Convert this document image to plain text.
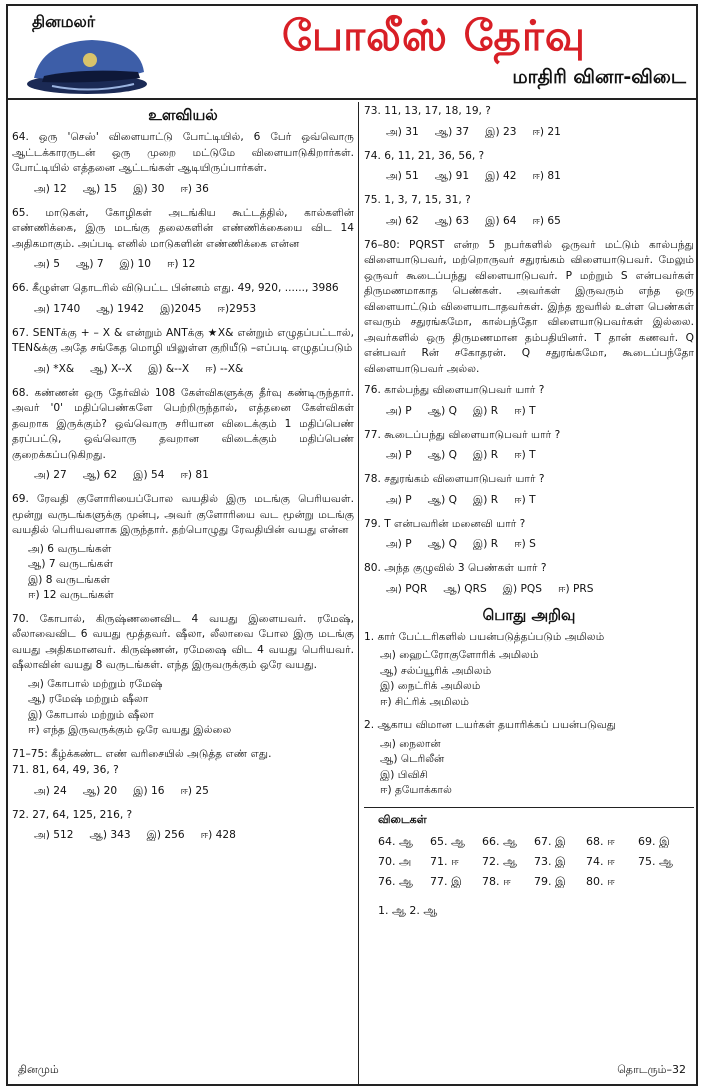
தினமலர்	போலீஸ் தேர்வு
மாதிரி வினா-விடை
உளவியல்
64. ஒரு 'செஸ்' விளையாட்டு போட்டியில், 6 பேர் ஒவ்வொரு ஆட்டக்காரருடன் ஒரு முறை மட்டுமே விளையாடுகிறார்கள். போட்டியில் எத்தனை ஆட்டங்கள் ஆடியிருப்பார்கள்.
அ) 12 ஆ) 15 இ) 30 ஈ) 36
65. மாடுகள், கோழிகள் அடங்கிய கூட்டத்தில், கால்களின் எண்ணிக்கை, இரு மடங்கு தலைகளின் எண்ணிக்கையை விட 14 அதிகமாகும். அப்படி எனில் மாடுகளின் எண்ணிக்கை என்ன
அ) 5 ஆ) 7 இ) 10 ஈ) 12
66. கீழுள்ள தொடரில் விடுபட்ட பின்னம் எது. 49, 920, ......, 3986
அ) 1740 ஆ) 1942 இ)2045 ஈ)2953
67. SENTக்கு + – X & என்றும் ANTக்கு ★X& என்றும் எழுதப்பட்டால், TEN&க்கு அதே சங்கேத மொழி யிலுள்ள குறியீடு –எப்படி எழுதப்படும்
அ) *X& ஆ) X--X இ) &--X ஈ) --X&
68. கண்ணன் ஒரு தேர்வில் 108 கேள்விகளுக்கு தீர்வு கண்டிருந்தார். அவர் '0' மதிப்பெண்களே பெற்றிருந்தால், எத்தனை கேள்விகள் தவறாக இருக்கும்? ஒவ்வொரு சரியான விடைக்கும் 1 மதிப்பெண் தரப்பட்டு, ஒவ்வொரு தவறான விடைக்கும் மதிப்பெண் குறைக்கப்படுகிறது.
அ) 27 ஆ) 62 இ) 54 ஈ) 81
69. ரேவதி குளோரியைப்போல வயதில் இரு மடங்கு பெரியவள். மூன்று வருடங்களுக்கு முன்பு, அவர் குளோரியை வட மூன்று மடங்கு வயதில் பெரியவளாக இருந்தார். தற்பொழுது ரேவதியின் வயது என்ன
அ) 6 வருடங்கள்
ஆ) 7 வருடங்கள்
இ) 8 வருடங்கள்
ஈ) 12 வருடங்கள்
70. கோபால், கிருஷ்ணனைவிட 4 வயது இளையவர். ரமேஷ், லீலாவைவிட 6 வயது மூத்தவர். ஷீலா, லீலாவை போல இரு மடங்கு வயது அதிகமானவர். கிருஷ்ணன், ரமேஷை விட 4 வயது பெரியவர். ஷீலாவின் வயது 8 வருடங்கள். எந்த இருவருக்கும் ஒரே வயது.
அ) கோபால் மற்றும் ரமேஷ்
ஆ) ரமேஷ் மற்றும் ஷீலா
இ) கோபால் மற்றும் ஷீலா
ஈ) எந்த இருவருக்கும் ஒரே வயது இல்லை
71–75: கீழ்க்கண்ட எண் வரிசையில் அடுத்த எண் எது.
71. 81, 64, 49, 36, ?
அ) 24 ஆ) 20 இ) 16 ஈ) 25
72. 27, 64, 125, 216, ?
அ) 512 ஆ) 343 இ) 256 ஈ) 428
73. 11, 13, 17, 18, 19, ?
அ) 31 ஆ) 37 இ) 23 ஈ) 21
74. 6, 11, 21, 36, 56, ?
அ) 51 ஆ) 91 இ) 42 ஈ) 81
75. 1, 3, 7, 15, 31, ?
அ) 62 ஆ) 63 இ) 64 ஈ) 65
76–80: PQRST என்ற 5 நபர்களில் ஒருவர் மட்டும் கால்பந்து விளையாடுபவர், மற்றொருவர் சதுரங்கம் விளையாடுபவர். மேலும் ஒருவர் கூடைப்பந்து விளையாடுபவர். P மற்றும் S என்பவர்கள் திருமணமாகாத பெண்கள். அவர்கள் இருவரும் எந்த ஒரு விளையாட்டும் விளையாடாதவர்கள். இந்த ஐவரில் உள்ள பெண்கள் எவரும் சதுரங்கமோ, கால்பந்தோ விளையாடுபவர்கள் இல்லை. அவர்களில் ஒரு திருமணமான தம்பதியினர். T தான் கணவர். Q என்பவர் Rன் சகோதரன். Q சதுரங்கமோ, கூடைப்பந்தோ விளையாடுபவர் அல்ல.
76. கால்பந்து விளையாடுபவர் யார் ?
அ) P ஆ) Q இ) R ஈ) T
77. கூடைப்பந்து விளையாடுபவர் யார் ?
அ) P ஆ) Q இ) R ஈ) T
78. சதுரங்கம் விளையாடுபவர் யார் ?
அ) P ஆ) Q இ) R ஈ) T
79. T என்பவரின் மனைவி யார் ?
அ) P ஆ) Q இ) R ஈ) S
80. அந்த குழுவில் 3 பெண்கள் யார் ?
அ) PQR ஆ) QRS இ) PQS ஈ) PRS
பொது அறிவு
1. கார் பேட்டரிகளில் பயன்படுத்தப்படும் அமிலம்
அ) ஹைட்ரோகுளோரிக் அமிலம்
ஆ) சல்ப்யூரிக் அமிலம்
இ) நைட்ரிக் அமிலம்
ஈ) சிட்ரிக் அமிலம்
2. ஆகாய விமான டயர்கள் தயாரிக்கப் பயன்படுவது
அ) நைலான்
ஆ) டெரிலீன்
இ) பிவிசி
ஈ) தயோக்கால்
விடைகள்
64. ஆ	65. ஆ	66. ஆ	67. இ	68. ஈ	69. இ
70. அ	71. ஈ	72. ஆ	73. இ	74. ஈ	75. ஆ
76. ஆ	77. இ	78. ஈ	79. இ	80. ஈ
1. ஆ 2. ஆ
தினமும்	தொடரும்–32
